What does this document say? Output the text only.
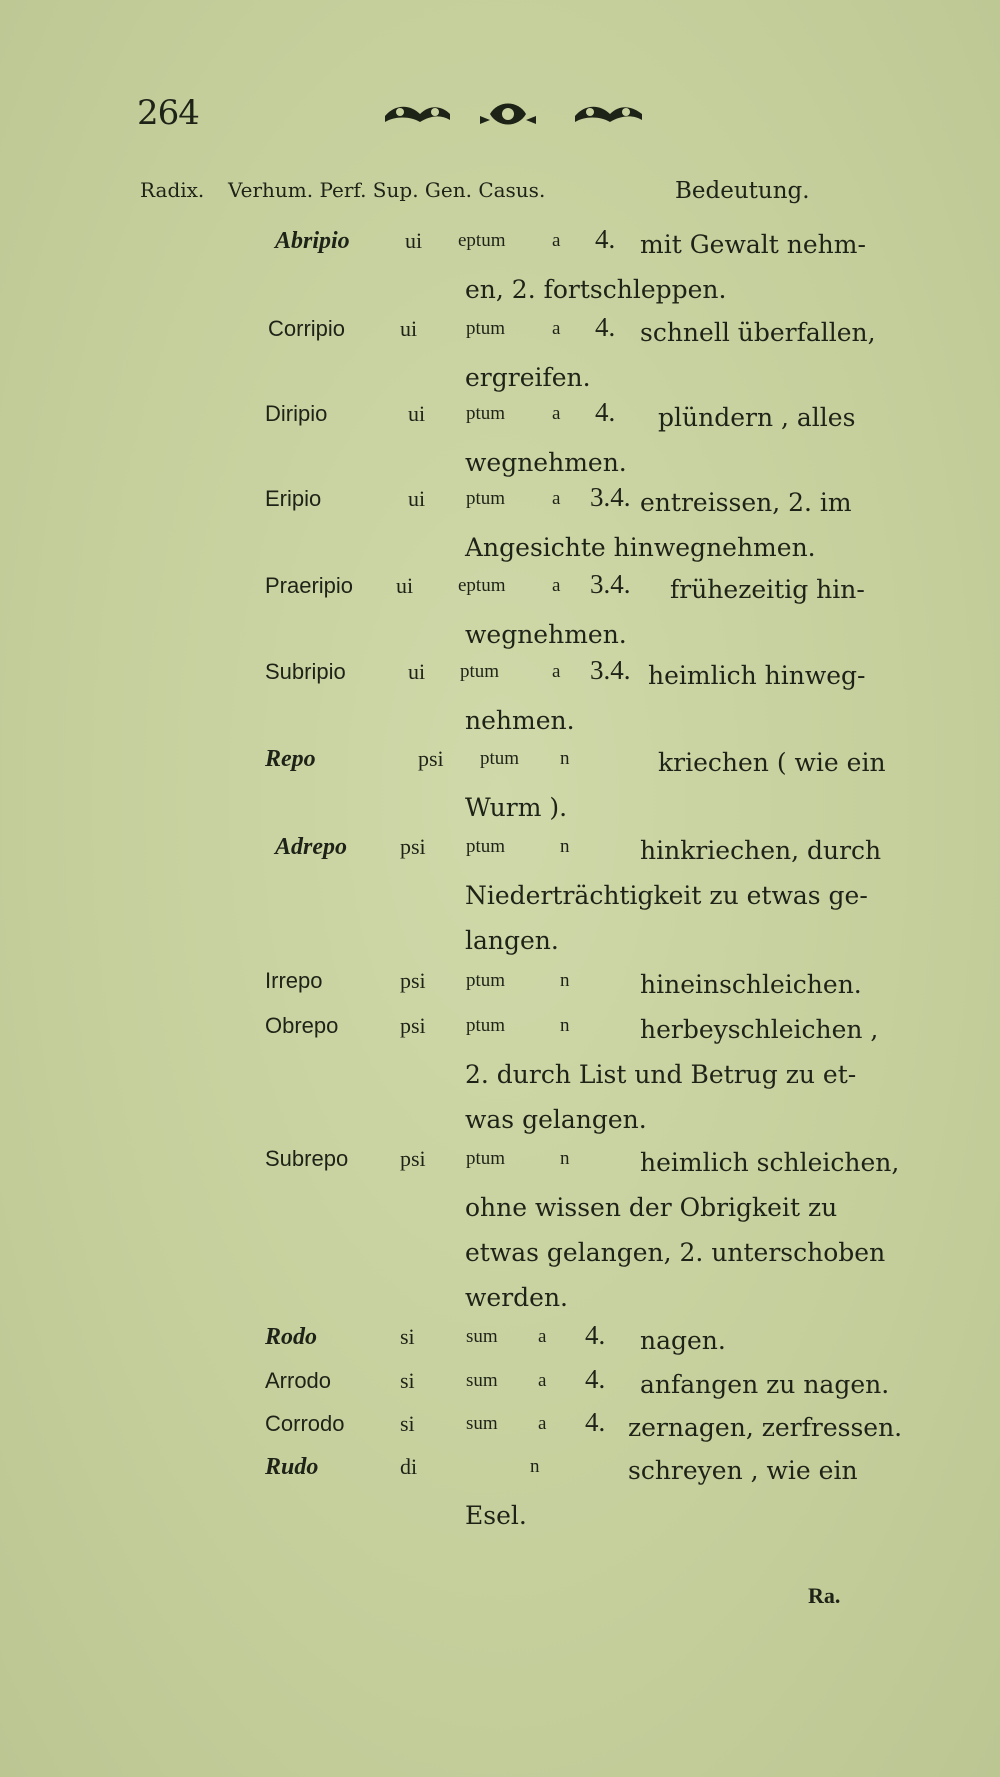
264
Radix. Verhum. Perf. Sup. Gen. Casus.	Bedeutung.
Abripio	ui eptum a 4. mit Gewalt nehm-
en, 2. fortschleppen.
Corripio ui	ptum a 4. schnell überfallen,
ergreifen.
Diripio	ui ptum a 4. plündern , alles
wegnehmen.
Eripio	ui ptum a 3.4. entreissen, 2. im
Angesichte hinwegnehmen.
Praeripio ui eptum a 3.4. frühezeitig hin-
wegnehmen.
Subripio	ui ptum	a 3.4. heimlich hinweg-
nehmen.
Repo	psi ptum n	kriechen ( wie ein
Wurm ).
Adrepo psi ptum	n	hinkriechen, durch
Niederträchtigkeit zu etwas ge-
langen.
Irrepo	psi ptum	n	hineinschleichen.
Obrepo	psi ptum	n	herbeyschleichen ,
2. durch List und Betrug zu et-
was gelangen.
Subrepo psi ptum	n	heimlich schleichen,
ohne wissen der Obrigkeit zu
etwas gelangen, 2. unterschoben
werden.
Rodo	si	sum a 4. nagen.
Arrodo	si	sum a 4. anfangen zu nagen.
Corrodo	si	sum a 4. zernagen, zerfressen.
Rudo	di	n	schreyen , wie ein
Esel.
Ra.
